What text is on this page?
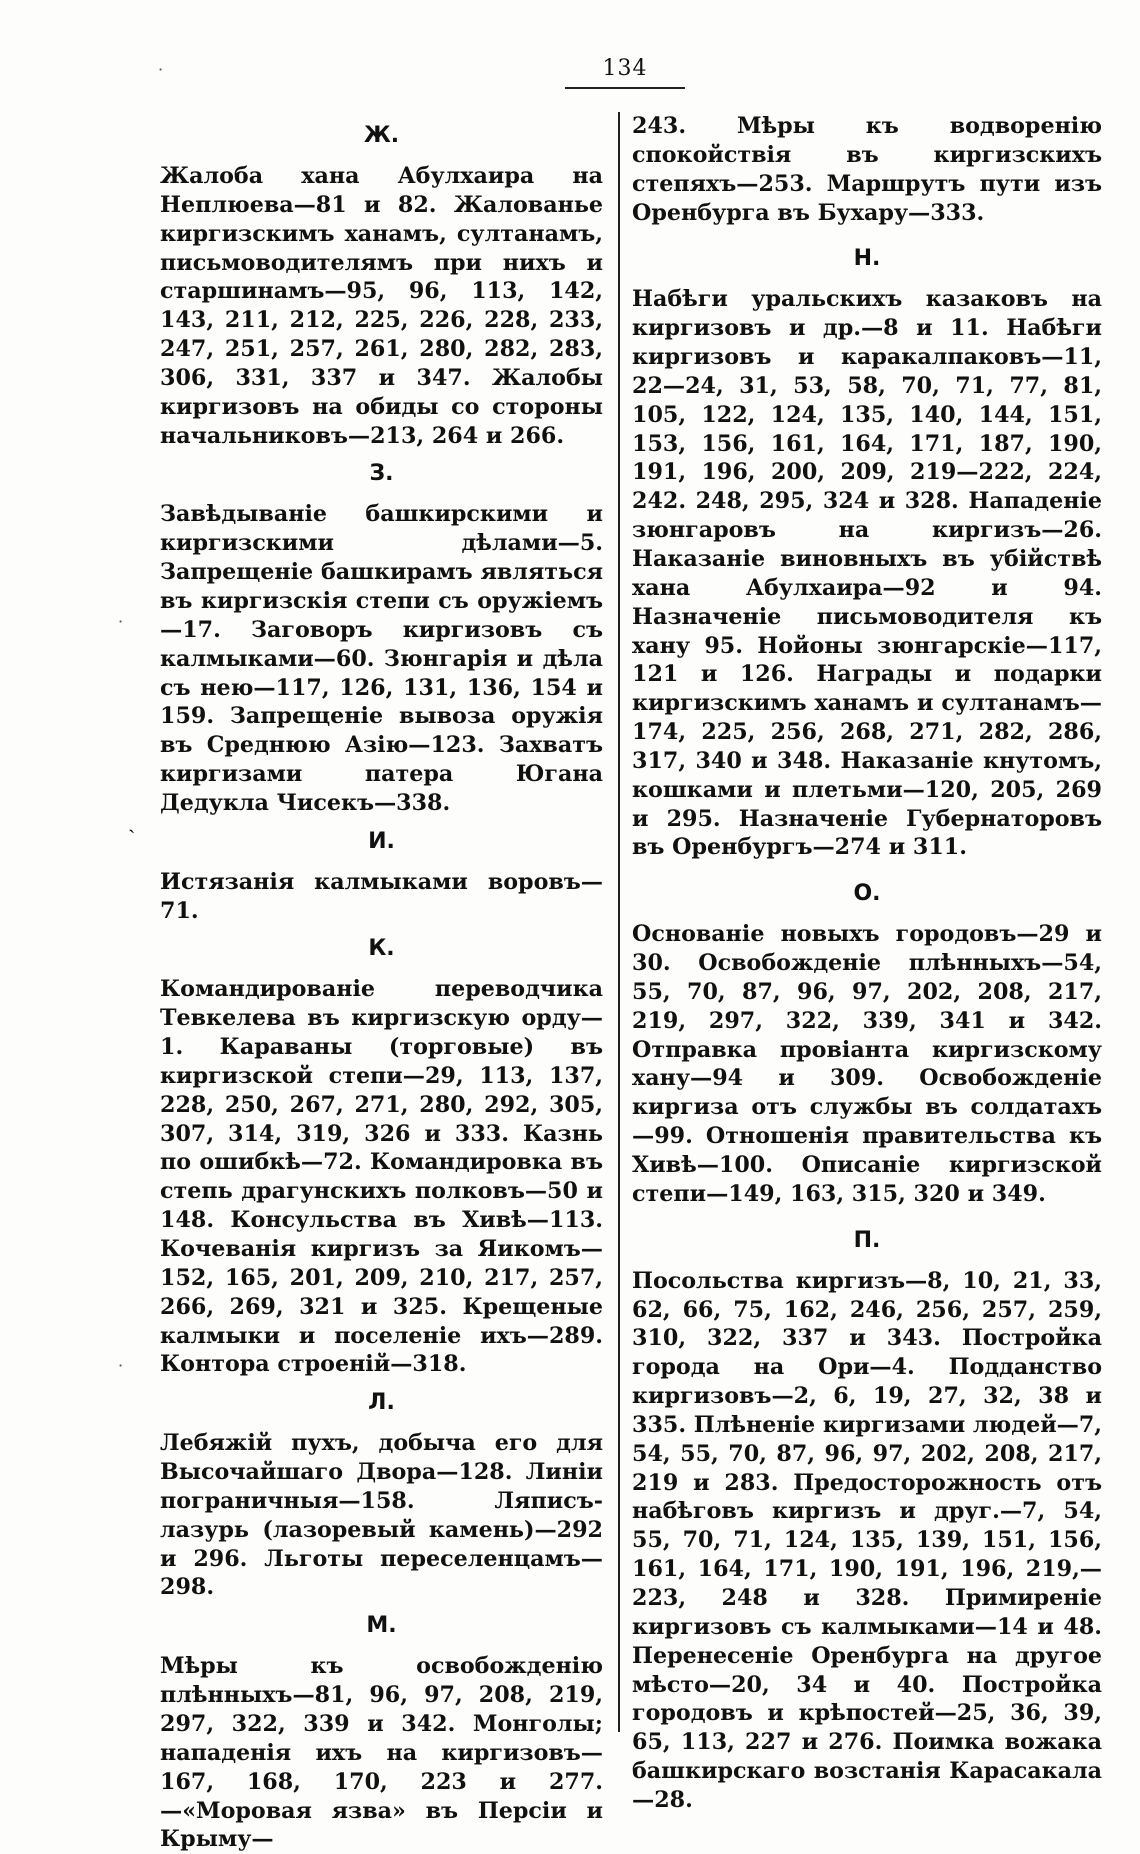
134
ˎ
·
·
·
Ж.

Жалоба хана Абулхаира на Неплюева—81 и 82. Жалованье киргизскимъ ханамъ, султанамъ, письмоводителямъ при нихъ и старшинамъ—95, 96, 113, 142, 143, 211, 212, 225, 226, 228, 233, 247, 251, 257, 261, 280, 282, 283, 306, 331, 337 и 347. Жалобы киргизовъ на обиды со стороны начальниковъ—213, 264 и 266.

З.

Завѣдываніе башкирскими и киргизскими дѣлами—5. Запрещеніе башкирамъ являться въ киргизскія степи съ оружіемъ—17. Заговоръ киргизовъ съ калмыками—60. Зюнгарія и дѣла съ нею—117, 126, 131, 136, 154 и 159. Запрещеніе вывоза оружія въ Среднюю Азію—123. Захватъ киргизами патера Югана Дедукла Чисекъ—338.

И.

Истязанія калмыками воровъ—71.

К.

Командированіе переводчика Тевкелева въ киргизскую орду—1. Караваны (торговые) въ киргизской степи—29, 113, 137, 228, 250, 267, 271, 280, 292, 305, 307, 314, 319, 326 и 333. Казнь по ошибкѣ—72. Командировка въ степь драгунскихъ полковъ—50 и 148. Консульства въ Хивѣ—113. Кочеванія киргизъ за Яикомъ—152, 165, 201, 209, 210, 217, 257, 266, 269, 321 и 325. Крещеные калмыки и поселеніе ихъ—289. Контора строеній—318.

Л.

Лебяжій пухъ, добыча его для Высочайшаго Двора—128. Линіи пограничныя—158. Ляписъ-лазурь (лазоревый камень)—292 и 296. Льготы переселенцамъ—298.

М.

Мѣры къ освобожденію плѣнныхъ—81, 96, 97, 208, 219, 297, 322, 339 и 342. Монголы; нападенія ихъ на киргизовъ—167, 168, 170, 223 и 277.—«Моровая язва» въ Персіи и Крыму—

243. Мѣры къ водворенію спокойствія въ киргизскихъ степяхъ—253. Маршрутъ пути изъ Оренбурга въ Бухару—333.

Н.

Набѣги уральскихъ казаковъ на киргизовъ и др.—8 и 11. Набѣги киргизовъ и каракалпаковъ—11, 22—24, 31, 53, 58, 70, 71, 77, 81, 105, 122, 124, 135, 140, 144, 151, 153, 156, 161, 164, 171, 187, 190, 191, 196, 200, 209, 219—222, 224, 242. 248, 295, 324 и 328. Нападеніе зюнгаровъ на киргизъ—26. Наказаніе виновныхъ въ убійствѣ хана Абулхаира—92 и 94. Назначеніе письмоводителя къ хану 95. Нойоны зюнгарскіе—117, 121 и 126. Награды и подарки киргизскимъ ханамъ и султанамъ—174, 225, 256, 268, 271, 282, 286, 317, 340 и 348. Наказаніе кнутомъ, кошками и плетьми—120, 205, 269 и 295. Назначеніе Губернаторовъ въ Оренбургъ—274 и 311.

О.

Основаніе новыхъ городовъ—29 и 30. Освобожденіе плѣнныхъ—54, 55, 70, 87, 96, 97, 202, 208, 217, 219, 297, 322, 339, 341 и 342. Отправка провіанта киргизскому хану—94 и 309. Освобожденіе киргиза отъ службы въ солдатахъ—99. Отношенія правительства къ Хивѣ—100. Описаніе киргизской степи—149, 163, 315, 320 и 349.

П.

Посольства киргизъ—8, 10, 21, 33, 62, 66, 75, 162, 246, 256, 257, 259, 310, 322, 337 и 343. Постройка города на Ори—4. Подданство киргизовъ—2, 6, 19, 27, 32, 38 и 335. Плѣненіе киргизами людей—7, 54, 55, 70, 87, 96, 97, 202, 208, 217, 219 и 283. Предосторожность отъ набѣговъ киргизъ и друг.—7, 54, 55, 70, 71, 124, 135, 139, 151, 156, 161, 164, 171, 190, 191, 196, 219,—223, 248 и 328. Примиреніе киргизовъ съ калмыками—14 и 48. Перенесеніе Оренбурга на другое мѣсто—20, 34 и 40. Постройка городовъ и крѣпостей—25, 36, 39, 65, 113, 227 и 276. Поимка вожака башкирскаго возстанія Карасакала—28.
